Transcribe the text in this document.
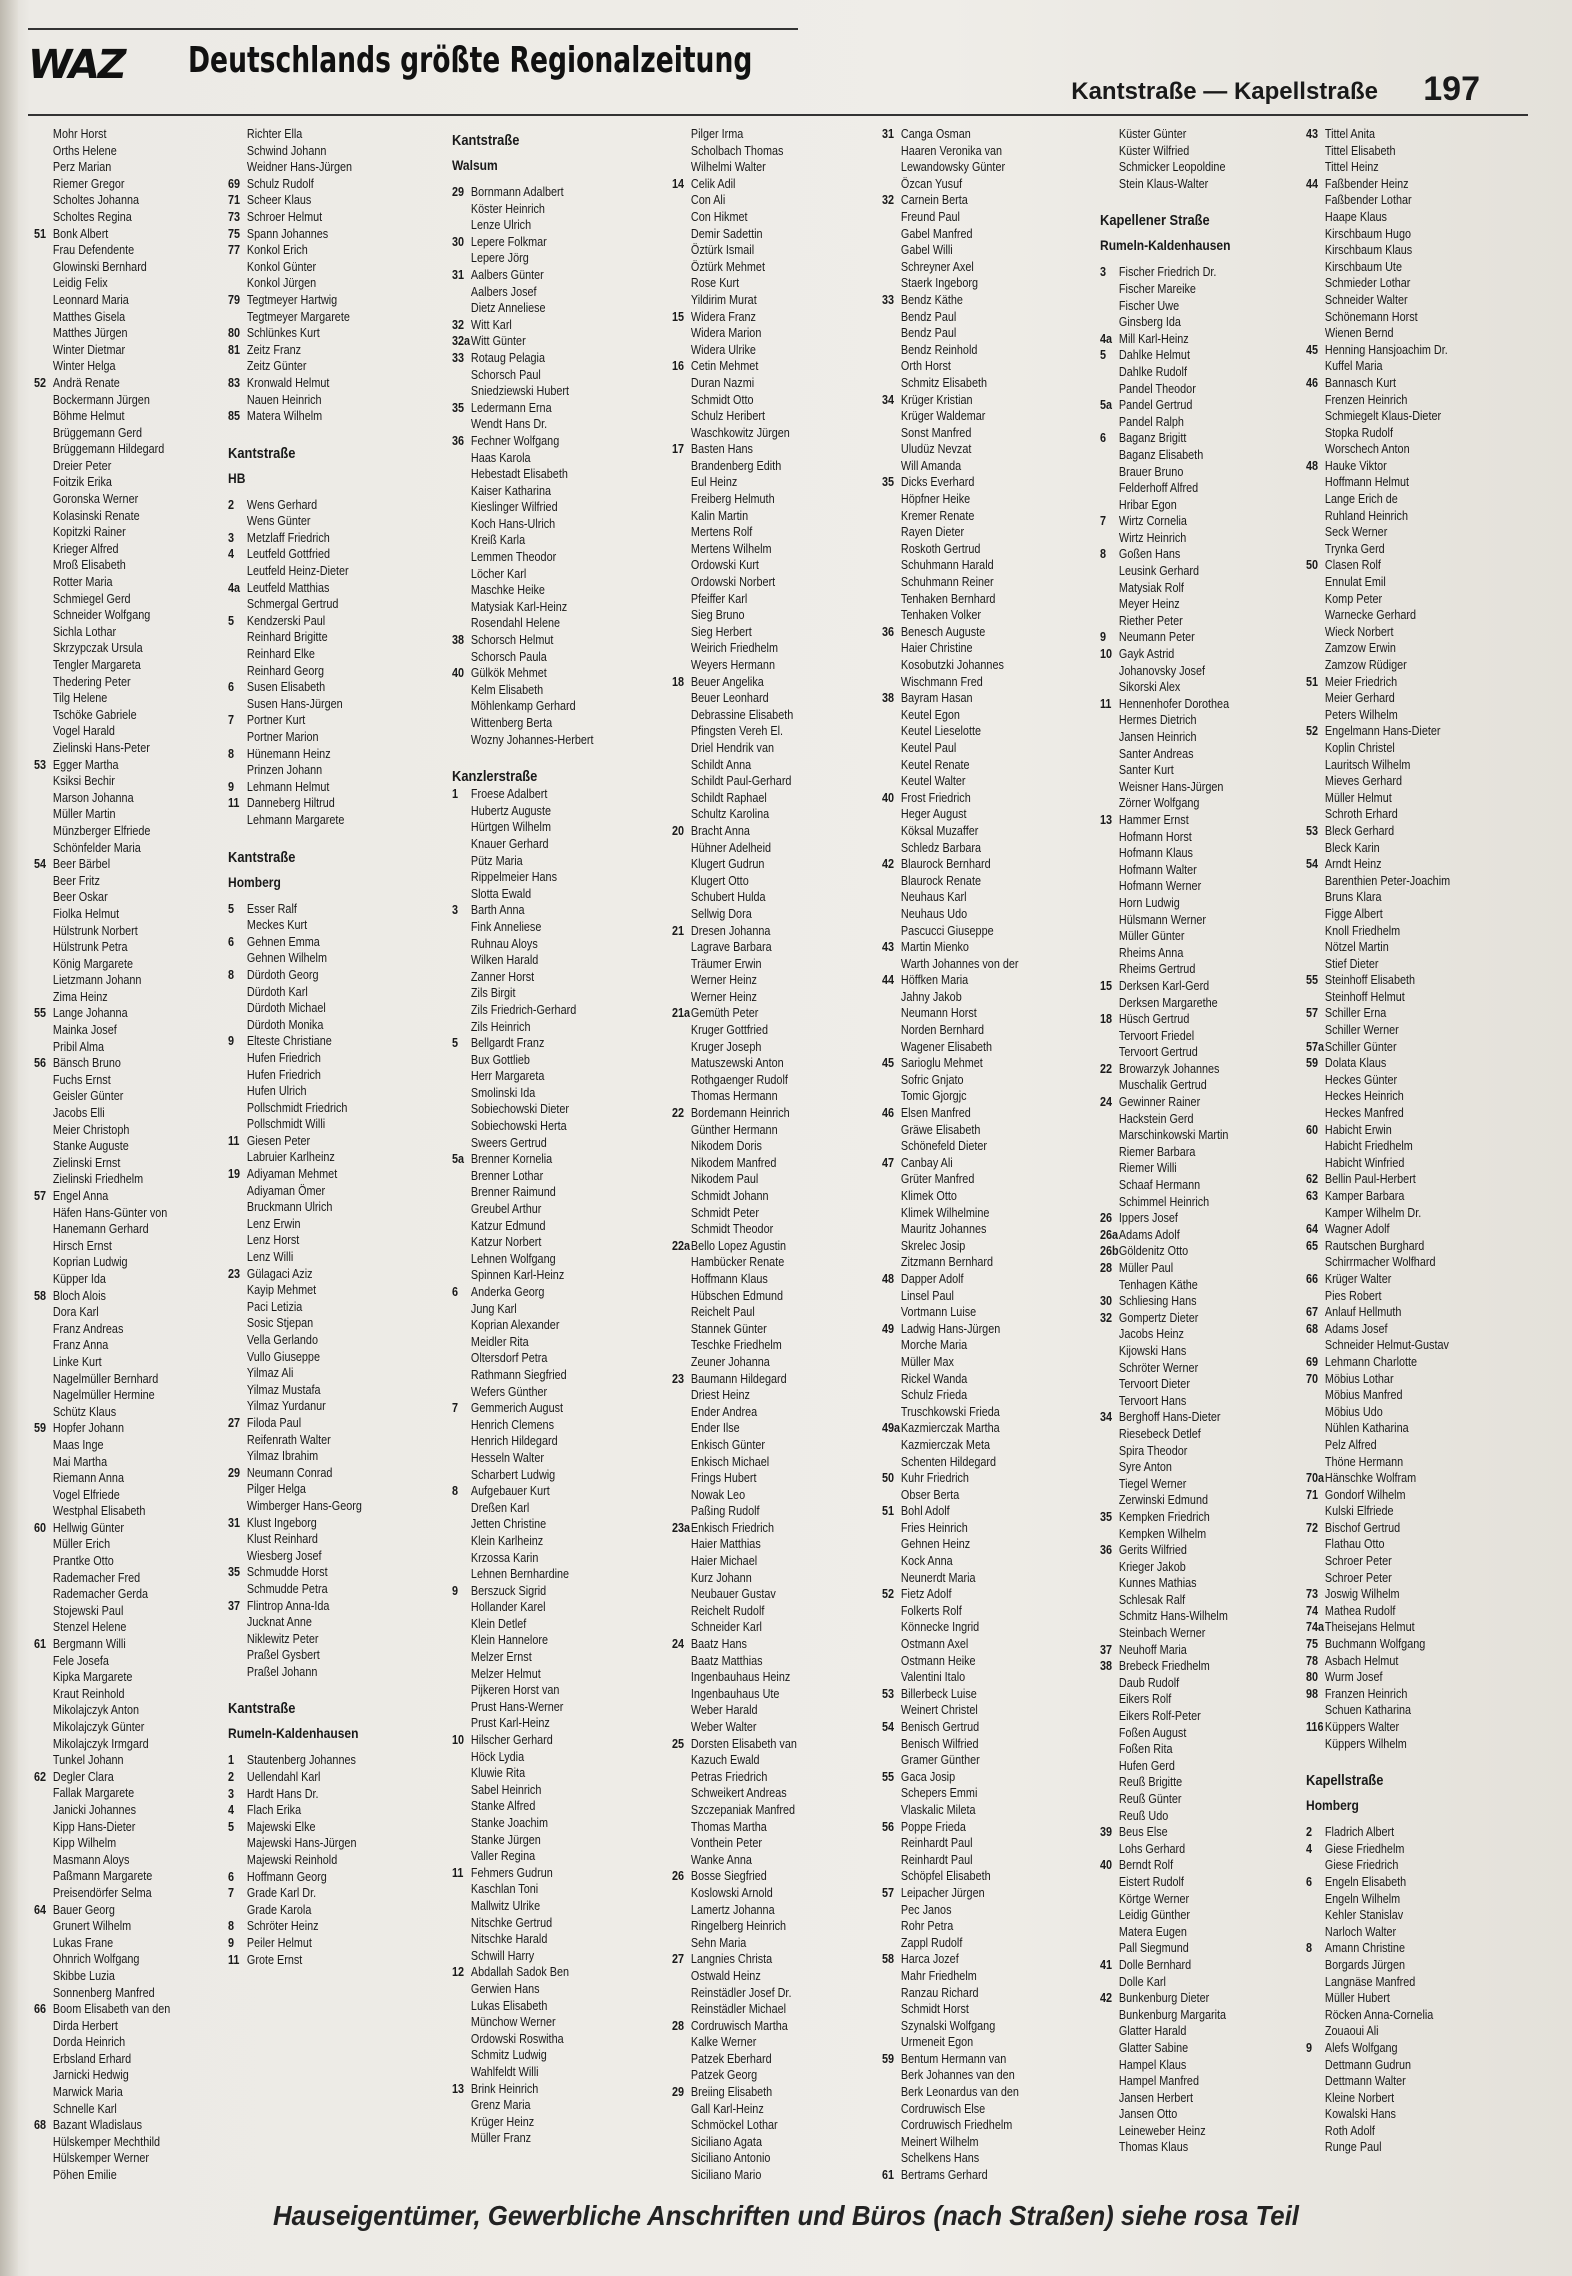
WAZ Deutschlands größte Regionalzeitung
Kantstraße — Kapellstraße 197
Mohr Horst
Orths Helene
Perz Marian
Riemer Gregor
Scholtes Johanna
Scholtes Regina
51 Bonk Albert
Frau Defendente
Glowinski Bernhard
Leidig Felix
Leonnard Maria
Matthes Gisela
Matthes Jürgen
Winter Dietmar
Winter Helga
52 Andrä Renate
Bockermann Jürgen
Böhme Helmut
Brüggemann Gerd
Brüggemann Hildegard
Dreier Peter
Foitzik Erika
Goronska Werner
Kolasinski Renate
Kopitzki Rainer
Krieger Alfred
Mroß Elisabeth
Rotter Maria
Schmiegel Gerd
Schneider Wolfgang
Sichla Lothar
Skrzypczak Ursula
Tengler Margareta
Thedering Peter
Tilg Helene
Tschöke Gabriele
Vogel Harald
Zielinski Hans-Peter
53 Egger Martha
Ksiksi Bechir
Marson Johanna
Müller Martin
Münzberger Elfriede
Schönfelder Maria
54 Beer Bärbel
Beer Fritz
Beer Oskar
Fiolka Helmut
Hülstrunk Norbert
Hülstrunk Petra
König Margarete
Lietzmann Johann
Zima Heinz
55 Lange Johanna
Mainka Josef
Pribil Alma
56 Bänsch Bruno
Fuchs Ernst
Geisler Günter
Jacobs Elli
Meier Christoph
Stanke Auguste
Zielinski Ernst
Zielinski Friedhelm
57 Engel Anna
Häfen Hans-Günter von
Hanemann Gerhard
Hirsch Ernst
Koprian Ludwig
Küpper Ida
58 Bloch Alois
Dora Karl
Franz Andreas
Franz Anna
Linke Kurt
Nagelmüller Bernhard
Nagelmüller Hermine
Schütz Klaus
59 Hopfer Johann
Maas Inge
Mai Martha
Riemann Anna
Vogel Elfriede
Westphal Elisabeth
60 Hellwig Günter
Müller Erich
Prantke Otto
Rademacher Fred
Rademacher Gerda
Stojewski Paul
Stenzel Helene
61 Bergmann Willi
Fele Josefa
Kipka Margarete
Kraut Reinhold
Mikolajczyk Anton
Mikolajczyk Günter
Mikolajczyk Irmgard
Tunkel Johann
62 Degler Clara
Fallak Margarete
Janicki Johannes
Kipp Hans-Dieter
Kipp Wilhelm
Masmann Aloys
Paßmann Margarete
Preisendörfer Selma
64 Bauer Georg
Grunert Wilhelm
Lukas Frane
Ohnrich Wolfgang
Skibbe Luzia
Sonnenberg Manfred
66 Boom Elisabeth van den
Dirda Herbert
Dorda Heinrich
Erbsland Erhard
Jarnicki Hedwig
Marwick Maria
Schnelle Karl
68 Bazant Wladislaus
Hülskemper Mechthild
Hülskemper Werner
Pöhen Emilie
Richter Ella
Schwind Johann
Weidner Hans-Jürgen
69 Schulz Rudolf
71 Scheer Klaus
73 Schroer Helmut
75 Spann Johannes
77 Konkol Erich
Konkol Günter
Konkol Jürgen
79 Tegtmeyer Hartwig
Tegtmeyer Margarete
80 Schlünkes Kurt
81 Zeitz Franz
Zeitz Günter
83 Kronwald Helmut
Nauen Heinrich
85 Matera Wilhelm
Kantstraße
HB
2 Wens Gerhard
Wens Günter
3 Metzlaff Friedrich
4 Leutfeld Gottfried
Leutfeld Heinz-Dieter
4a Leutfeld Matthias
Schmergal Gertrud
5 Kendzerski Paul
Reinhard Brigitte
Reinhard Elke
Reinhard Georg
6 Susen Elisabeth
Susen Hans-Jürgen
7 Portner Kurt
Portner Marion
8 Hünemann Heinz
Prinzen Johann
9 Lehmann Helmut
11 Danneberg Hiltrud
Lehmann Margarete
Kantstraße
Homberg
5 Esser Ralf
Meckes Kurt
6 Gehnen Emma
Gehnen Wilhelm
8 Dürdoth Georg
Dürdoth Karl
Dürdoth Michael
Dürdoth Monika
9 Elteste Christiane
Hufen Friedrich
Hufen Friedrich
Hufen Ulrich
Pollschmidt Friedrich
Pollschmidt Willi
11 Giesen Peter
Labruier Karlheinz
19 Adiyaman Mehmet
Adiyaman Ömer
Bruckmann Ulrich
Lenz Erwin
Lenz Horst
Lenz Willi
23 Gülagaci Aziz
Kayip Mehmet
Paci Letizia
Sosic Stjepan
Vella Gerlando
Vullo Giuseppe
Yilmaz Ali
Yilmaz Mustafa
Yilmaz Yurdanur
27 Filoda Paul
Reifenrath Walter
Yilmaz Ibrahim
29 Neumann Conrad
Pilger Helga
Wimberger Hans-Georg
31 Klust Ingeborg
Klust Reinhard
Wiesberg Josef
35 Schmudde Horst
Schmudde Petra
37 Flintrop Anna-Ida
Jucknat Anne
Niklewitz Peter
Praßel Gysbert
Praßel Johann
Kantstraße
Rumeln-Kaldenhausen
1 Stautenberg Johannes
2 Uellendahl Karl
3 Hardt Hans Dr.
4 Flach Erika
5 Majewski Elke
Majewski Hans-Jürgen
Majewski Reinhold
6 Hoffmann Georg
7 Grade Karl Dr.
Grade Karola
8 Schröter Heinz
9 Peiler Helmut
11 Grote Ernst
Kantstraße
Walsum
29 Bornmann Adalbert
Köster Heinrich
Lenze Ulrich
30 Lepere Folkmar
Lepere Jörg
31 Aalbers Günter
Aalbers Josef
Dietz Anneliese
32 Witt Karl
32aWitt Günter
33 Rotaug Pelagia
Schorsch Paul
Sniedziewski Hubert
35 Ledermann Erna
Wendt Hans Dr.
36 Fechner Wolfgang
Haas Karola
Hebestadt Elisabeth
Kaiser Katharina
Kieslinger Wilfried
Koch Hans-Ulrich
Kreiß Karla
Lemmen Theodor
Löcher Karl
Maschke Heike
Matysiak Karl-Heinz
Rosendahl Helene
38 Schorsch Helmut
Schorsch Paula
40 Gülkök Mehmet
Kelm Elisabeth
Möhlenkamp Gerhard
Wittenberg Berta
Wozny Johannes-Herbert
Kanzlerstraße
1 Froese Adalbert
Hubertz Auguste
Hürtgen Wilhelm
Knauer Gerhard
Pütz Maria
Rippelmeier Hans
Slotta Ewald
3 Barth Anna
Fink Anneliese
Ruhnau Aloys
Wilken Harald
Zanner Horst
Zils Birgit
Zils Friedrich-Gerhard
Zils Heinrich
5 Bellgardt Franz
Bux Gottlieb
Herr Margareta
Smolinski Ida
Sobiechowski Dieter
Sobiechowski Herta
Sweers Gertrud
5a Brenner Kornelia
Brenner Lothar
Brenner Raimund
Greubel Arthur
Katzur Edmund
Katzur Norbert
Lehnen Wolfgang
Spinnen Karl-Heinz
6 Anderka Georg
Jung Karl
Koprian Alexander
Meidler Rita
Oltersdorf Petra
Rathmann Siegfried
Wefers Günther
7 Gemmerich August
Henrich Clemens
Henrich Hildegard
Hesseln Walter
Scharbert Ludwig
8 Aufgebauer Kurt
Dreßen Karl
Jetten Christine
Klein Karlheinz
Krzossa Karin
Lehnen Bernhardine
9 Berszuck Sigrid
Hollander Karel
Klein Detlef
Klein Hannelore
Melzer Ernst
Melzer Helmut
Pijkeren Horst van
Prust Hans-Werner
Prust Karl-Heinz
10 Hilscher Gerhard
Höck Lydia
Kluwie Rita
Sabel Heinrich
Stanke Alfred
Stanke Joachim
Stanke Jürgen
Valler Regina
11 Fehmers Gudrun
Kaschlan Toni
Mallwitz Ulrike
Nitschke Gertrud
Nitschke Harald
Schwill Harry
12 Abdallah Sadok Ben
Gerwien Hans
Lukas Elisabeth
Münchow Werner
Ordowski Roswitha
Schmitz Ludwig
Wahlfeldt Willi
13 Brink Heinrich
Grenz Maria
Krüger Heinz
Müller Franz
Pilger Irma
Scholbach Thomas
Wilhelmi Walter
14 Celik Adil
Con Ali
Con Hikmet
Demir Sadettin
Öztürk Ismail
Öztürk Mehmet
Rose Kurt
Yildirim Murat
15 Widera Franz
Widera Marion
Widera Ulrike
16 Cetin Mehmet
Duran Nazmi
Schmidt Otto
Schulz Heribert
Waschkowitz Jürgen
17 Basten Hans
Brandenberg Edith
Eul Heinz
Freiberg Helmuth
Kalin Martin
Mertens Rolf
Mertens Wilhelm
Ordowski Kurt
Ordowski Norbert
Pfeiffer Karl
Sieg Bruno
Sieg Herbert
Weirich Friedhelm
Weyers Hermann
18 Beuer Angelika
Beuer Leonhard
Debrassine Elisabeth
Pfingsten Vereh El.
Driel Hendrik van
Schildt Anna
Schildt Paul-Gerhard
Schildt Raphael
Schultz Karolina
20 Bracht Anna
Hühner Adelheid
Klugert Gudrun
Klugert Otto
Schubert Hulda
Sellwig Dora
21 Dresen Johanna
Lagrave Barbara
Träumer Erwin
Werner Heinz
Werner Heinz
21aGemüth Peter
Kruger Gottfried
Kruger Joseph
Matuszewski Anton
Rothgaenger Rudolf
Thomas Hermann
22 Bordemann Heinrich
Günther Hermann
Nikodem Doris
Nikodem Manfred
Nikodem Paul
Schmidt Johann
Schmidt Peter
Schmidt Theodor
22aBello Lopez Agustin
Hambücker Renate
Hoffmann Klaus
Hübschen Edmund
Reichelt Paul
Stannek Günter
Teschke Friedhelm
Zeuner Johanna
23 Baumann Hildegard
Driest Heinz
Ender Andrea
Ender Ilse
Enkisch Günter
Enkisch Michael
Frings Hubert
Nowak Leo
Paßing Rudolf
23aEnkisch Friedrich
Haier Matthias
Haier Michael
Kurz Johann
Neubauer Gustav
Reichelt Rudolf
Schneider Karl
24 Baatz Hans
Baatz Matthias
Ingenbauhaus Heinz
Ingenbauhaus Ute
Weber Harald
Weber Walter
25 Dorsten Elisabeth van
Kazuch Ewald
Petras Friedrich
Schweikert Andreas
Szczepaniak Manfred
Thomas Martha
Vonthein Peter
Wanke Anna
26 Bosse Siegfried
Koslowski Arnold
Lamertz Johanna
Ringelberg Heinrich
Sehn Maria
27 Langnies Christa
Ostwald Heinz
Reinstädler Josef Dr.
Reinstädler Michael
28 Cordruwisch Martha
Kalke Werner
Patzek Eberhard
Patzek Georg
29 Breiing Elisabeth
Gall Karl-Heinz
Schmöckel Lothar
Siciliano Agata
Siciliano Antonio
Siciliano Mario
31 Canga Osman
Haaren Veronika van
Lewandowsky Günter
Özcan Yusuf
32 Carnein Berta
Freund Paul
Gabel Manfred
Gabel Willi
Schreyner Axel
Staerk Ingeborg
33 Bendz Käthe
Bendz Paul
Bendz Paul
Bendz Reinhold
Orth Horst
Schmitz Elisabeth
34 Krüger Kristian
Krüger Waldemar
Sonst Manfred
Uludüz Nevzat
Will Amanda
35 Dicks Everhard
Höpfner Heike
Kremer Renate
Rayen Dieter
Roskoth Gertrud
Schuhmann Harald
Schuhmann Reiner
Tenhaken Bernhard
Tenhaken Volker
36 Benesch Auguste
Haier Christine
Kosobutzki Johannes
Wischmann Fred
38 Bayram Hasan
Keutel Egon
Keutel Lieselotte
Keutel Paul
Keutel Renate
Keutel Walter
40 Frost Friedrich
Heger August
Köksal Muzaffer
Schledz Barbara
42 Blaurock Bernhard
Blaurock Renate
Neuhaus Karl
Neuhaus Udo
Pascucci Giuseppe
43 Martin Mienko
Warth Johannes von der
44 Höffken Maria
Jahny Jakob
Neumann Horst
Norden Bernhard
Wagener Elisabeth
45 Sarioglu Mehmet
Sofric Gnjato
Tomic Gjorgjc
46 Elsen Manfred
Gräwe Elisabeth
Schönefeld Dieter
47 Canbay Ali
Grüter Manfred
Klimek Otto
Klimek Wilhelmine
Mauritz Johannes
Skrelec Josip
Zitzmann Bernhard
48 Dapper Adolf
Linsel Paul
Vortmann Luise
49 Ladwig Hans-Jürgen
Morche Maria
Müller Max
Rickel Wanda
Schulz Frieda
Truschkowski Frieda
49aKazmierczak Martha
Kazmierczak Meta
Schenten Hildegard
50 Kuhr Friedrich
Obser Berta
51 Bohl Adolf
Fries Heinrich
Gehnen Heinz
Kock Anna
Neunerdt Maria
52 Fietz Adolf
Folkerts Rolf
Könnecke Ingrid
Ostmann Axel
Ostmann Heike
Valentini Italo
53 Billerbeck Luise
Weinert Christel
54 Benisch Gertrud
Benisch Wilfried
Gramer Günther
55 Gaca Josip
Schepers Emmi
Vlaskalic Mileta
56 Poppe Frieda
Reinhardt Paul
Reinhardt Paul
Schöpfel Elisabeth
57 Leipacher Jürgen
Pec Janos
Rohr Petra
Zappl Rudolf
58 Harca Jozef
Mahr Friedhelm
Ranzau Richard
Schmidt Horst
Szynalski Wolfgang
Urmeneit Egon
59 Bentum Hermann van
Berk Johannes van den
Berk Leonardus van den
Cordruwisch Else
Cordruwisch Friedhelm
Meinert Wilhelm
Schelkens Hans
61 Bertrams Gerhard
Küster Günter
Küster Wilfried
Schmicker Leopoldine
Stein Klaus-Walter
Kapellener Straße
Rumeln-Kaldenhausen
3 Fischer Friedrich Dr.
Fischer Mareike
Fischer Uwe
Ginsberg Ida
4a Mill Karl-Heinz
5 Dahlke Helmut
Dahlke Rudolf
Pandel Theodor
5a Pandel Gertrud
Pandel Ralph
6 Baganz Brigitt
Baganz Elisabeth
Brauer Bruno
Felderhoff Alfred
Hribar Egon
7 Wirtz Cornelia
Wirtz Heinrich
8 Goßen Hans
Leusink Gerhard
Matysiak Rolf
Meyer Heinz
Riether Peter
9 Neumann Peter
10 Gayk Astrid
Johanovsky Josef
Sikorski Alex
11 Hennenhofer Dorothea
Hermes Dietrich
Jansen Heinrich
Santer Andreas
Santer Kurt
Weisner Hans-Jürgen
Zörner Wolfgang
13 Hammer Ernst
Hofmann Horst
Hofmann Klaus
Hofmann Walter
Hofmann Werner
Horn Ludwig
Hülsmann Werner
Müller Günter
Rheims Anna
Rheims Gertrud
15 Derksen Karl-Gerd
Derksen Margarethe
18 Hüsch Gertrud
Tervoort Friedel
Tervoort Gertrud
22 Browarzyk Johannes
Muschalik Gertrud
24 Gewinner Rainer
Hackstein Gerd
Marschinkowski Martin
Riemer Barbara
Riemer Willi
Schaaf Hermann
Schimmel Heinrich
26 Ippers Josef
26aAdams Adolf
26bGöldenitz Otto
28 Müller Paul
Tenhagen Käthe
30 Schliesing Hans
32 Gompertz Dieter
Jacobs Heinz
Kijowski Hans
Schröter Werner
Tervoort Dieter
Tervoort Hans
34 Berghoff Hans-Dieter
Riesebeck Detlef
Spira Theodor
Syre Anton
Tiegel Werner
Zerwinski Edmund
35 Kempken Friedrich
Kempken Wilhelm
36 Gerits Wilfried
Krieger Jakob
Kunnes Mathias
Schlesak Ralf
Schmitz Hans-Wilhelm
Steinbach Werner
37 Neuhoff Maria
38 Brebeck Friedhelm
Daub Rudolf
Eikers Rolf
Eikers Rolf-Peter
Foßen August
Foßen Rita
Hufen Gerd
Reuß Brigitte
Reuß Günter
Reuß Udo
39 Beus Else
Lohs Gerhard
40 Berndt Rolf
Eistert Rudolf
Körtge Werner
Leidig Günther
Matera Eugen
Pall Siegmund
41 Dolle Bernhard
Dolle Karl
42 Bunkenburg Dieter
Bunkenburg Margarita
Glatter Harald
Glatter Sabine
Hampel Klaus
Hampel Manfred
Jansen Herbert
Jansen Otto
Leineweber Heinz
Thomas Klaus
43 Tittel Anita
Tittel Elisabeth
Tittel Heinz
44 Faßbender Heinz
Faßbender Lothar
Haape Klaus
Kirschbaum Hugo
Kirschbaum Klaus
Kirschbaum Ute
Schmieder Lothar
Schneider Walter
Schönemann Horst
Wienen Bernd
45 Henning Hansjoachim Dr.
Kuffel Maria
46 Bannasch Kurt
Frenzen Heinrich
Schmiegelt Klaus-Dieter
Stopka Rudolf
Worschech Anton
48 Hauke Viktor
Hoffmann Helmut
Lange Erich de
Ruhland Heinrich
Seck Werner
Trynka Gerd
50 Clasen Rolf
Ennulat Emil
Komp Peter
Warnecke Gerhard
Wieck Norbert
Zamzow Erwin
Zamzow Rüdiger
51 Meier Friedrich
Meier Gerhard
Peters Wilhelm
52 Engelmann Hans-Dieter
Koplin Christel
Lauritsch Wilhelm
Mieves Gerhard
Müller Helmut
Schroth Erhard
53 Bleck Gerhard
Bleck Karin
54 Arndt Heinz
Barenthien Peter-Joachim
Bruns Klara
Figge Albert
Knoll Friedhelm
Nötzel Martin
Stief Dieter
55 Steinhoff Elisabeth
Steinhoff Helmut
57 Schiller Erna
Schiller Werner
57aSchiller Günter
59 Dolata Klaus
Heckes Günter
Heckes Heinrich
Heckes Manfred
60 Habicht Erwin
Habicht Friedhelm
Habicht Winfried
62 Bellin Paul-Herbert
63 Kamper Barbara
Kamper Wilhelm Dr.
64 Wagner Adolf
65 Rautschen Burghard
Schirrmacher Wolfhard
66 Krüger Walter
Pies Robert
67 Anlauf Hellmuth
68 Adams Josef
Schneider Helmut-Gustav
69 Lehmann Charlotte
70 Möbius Lothar
Möbius Manfred
Möbius Udo
Nühlen Katharina
Pelz Alfred
Thöne Hermann
70aHänschke Wolfram
71 Gondorf Wilhelm
Kulski Elfriede
72 Bischof Gertrud
Flathau Otto
Schroer Peter
Schroer Peter
73 Joswig Wilhelm
74 Mathea Rudolf
74aTheisejans Helmut
75 Buchmann Wolfgang
78 Asbach Helmut
80 Wurm Josef
98 Franzen Heinrich
Schuen Katharina
116Küppers Walter
Küppers Wilhelm
Kapellstraße
Homberg
2 Fladrich Albert
4 Giese Friedhelm
Giese Friedrich
6 Engeln Elisabeth
Engeln Wilhelm
Kehler Stanislav
Narloch Walter
8 Amann Christine
Borgards Jürgen
Langnäse Manfred
Müller Hubert
Röcken Anna-Cornelia
Zouaoui Ali
9 Alefs Wolfgang
Dettmann Gudrun
Dettmann Walter
Kleine Norbert
Kowalski Hans
Roth Adolf
Runge Paul
Hauseigentümer, Gewerbliche Anschriften und Büros (nach Straßen) siehe rosa Teil
